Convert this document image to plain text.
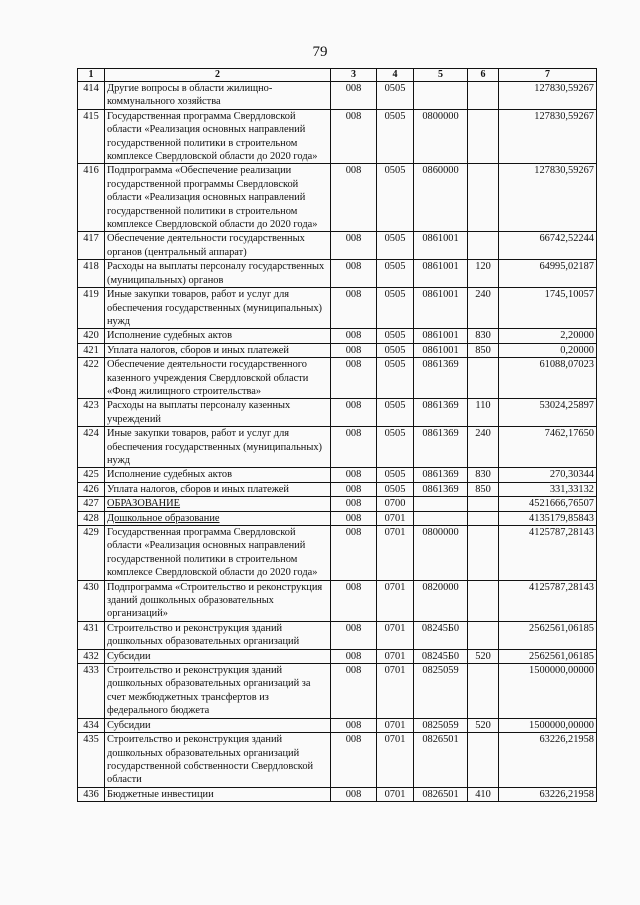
79
1	2	3	4	5	6	7
414	Другие вопросы в области жилищно-коммунального хозяйства	008	0505			127830,59267
415	Государственная программа Свердловской области «Реализация основных направлений государственной политики в строительном комплексе Свердловской области до 2020 года»	008	0505	0800000		127830,59267
416	Подпрограмма «Обеспечение реализации государственной программы Свердловской области «Реализация основных направлений государственной политики в строительном комплексе Свердловской области до 2020 года»	008	0505	0860000		127830,59267
417	Обеспечение деятельности государственных органов (центральный аппарат)	008	0505	0861001		66742,52244
418	Расходы на выплаты персоналу государственных (муниципальных) органов	008	0505	0861001	120	64995,02187
419	Иные закупки товаров, работ и услуг для обеспечения государственных (муниципальных) нужд	008	0505	0861001	240	1745,10057
420	Исполнение судебных актов	008	0505	0861001	830	2,20000
421	Уплата налогов, сборов и иных платежей	008	0505	0861001	850	0,20000
422	Обеспечение деятельности государственного казенного учреждения Свердловской области «Фонд жилищного строительства»	008	0505	0861369		61088,07023
423	Расходы на выплаты персоналу казенных учреждений	008	0505	0861369	110	53024,25897
424	Иные закупки товаров, работ и услуг для обеспечения государственных (муниципальных) нужд	008	0505	0861369	240	7462,17650
425	Исполнение судебных актов	008	0505	0861369	830	270,30344
426	Уплата налогов, сборов и иных платежей	008	0505	0861369	850	331,33132
427	ОБРАЗОВАНИЕ	008	0700			4521666,76507
428	Дошкольное образование	008	0701			4135179,85843
429	Государственная программа Свердловской области «Реализация основных направлений государственной политики в строительном комплексе Свердловской области до 2020 года»	008	0701	0800000		4125787,28143
430	Подпрограмма «Строительство и реконструкция зданий дошкольных образовательных организаций»	008	0701	0820000		4125787,28143
431	Строительство и реконструкция зданий дошкольных образовательных организаций	008	0701	08245Б0		2562561,06185
432	Субсидии	008	0701	08245Б0	520	2562561,06185
433	Строительство и реконструкция зданий дошкольных образовательных организаций за счет межбюджетных трансфертов из федерального бюджета	008	0701	0825059		1500000,00000
434	Субсидии	008	0701	0825059	520	1500000,00000
435	Строительство и реконструкция зданий дошкольных образовательных организаций государственной собственности Свердловской области	008	0701	0826501		63226,21958
436	Бюджетные инвестиции	008	0701	0826501	410	63226,21958
